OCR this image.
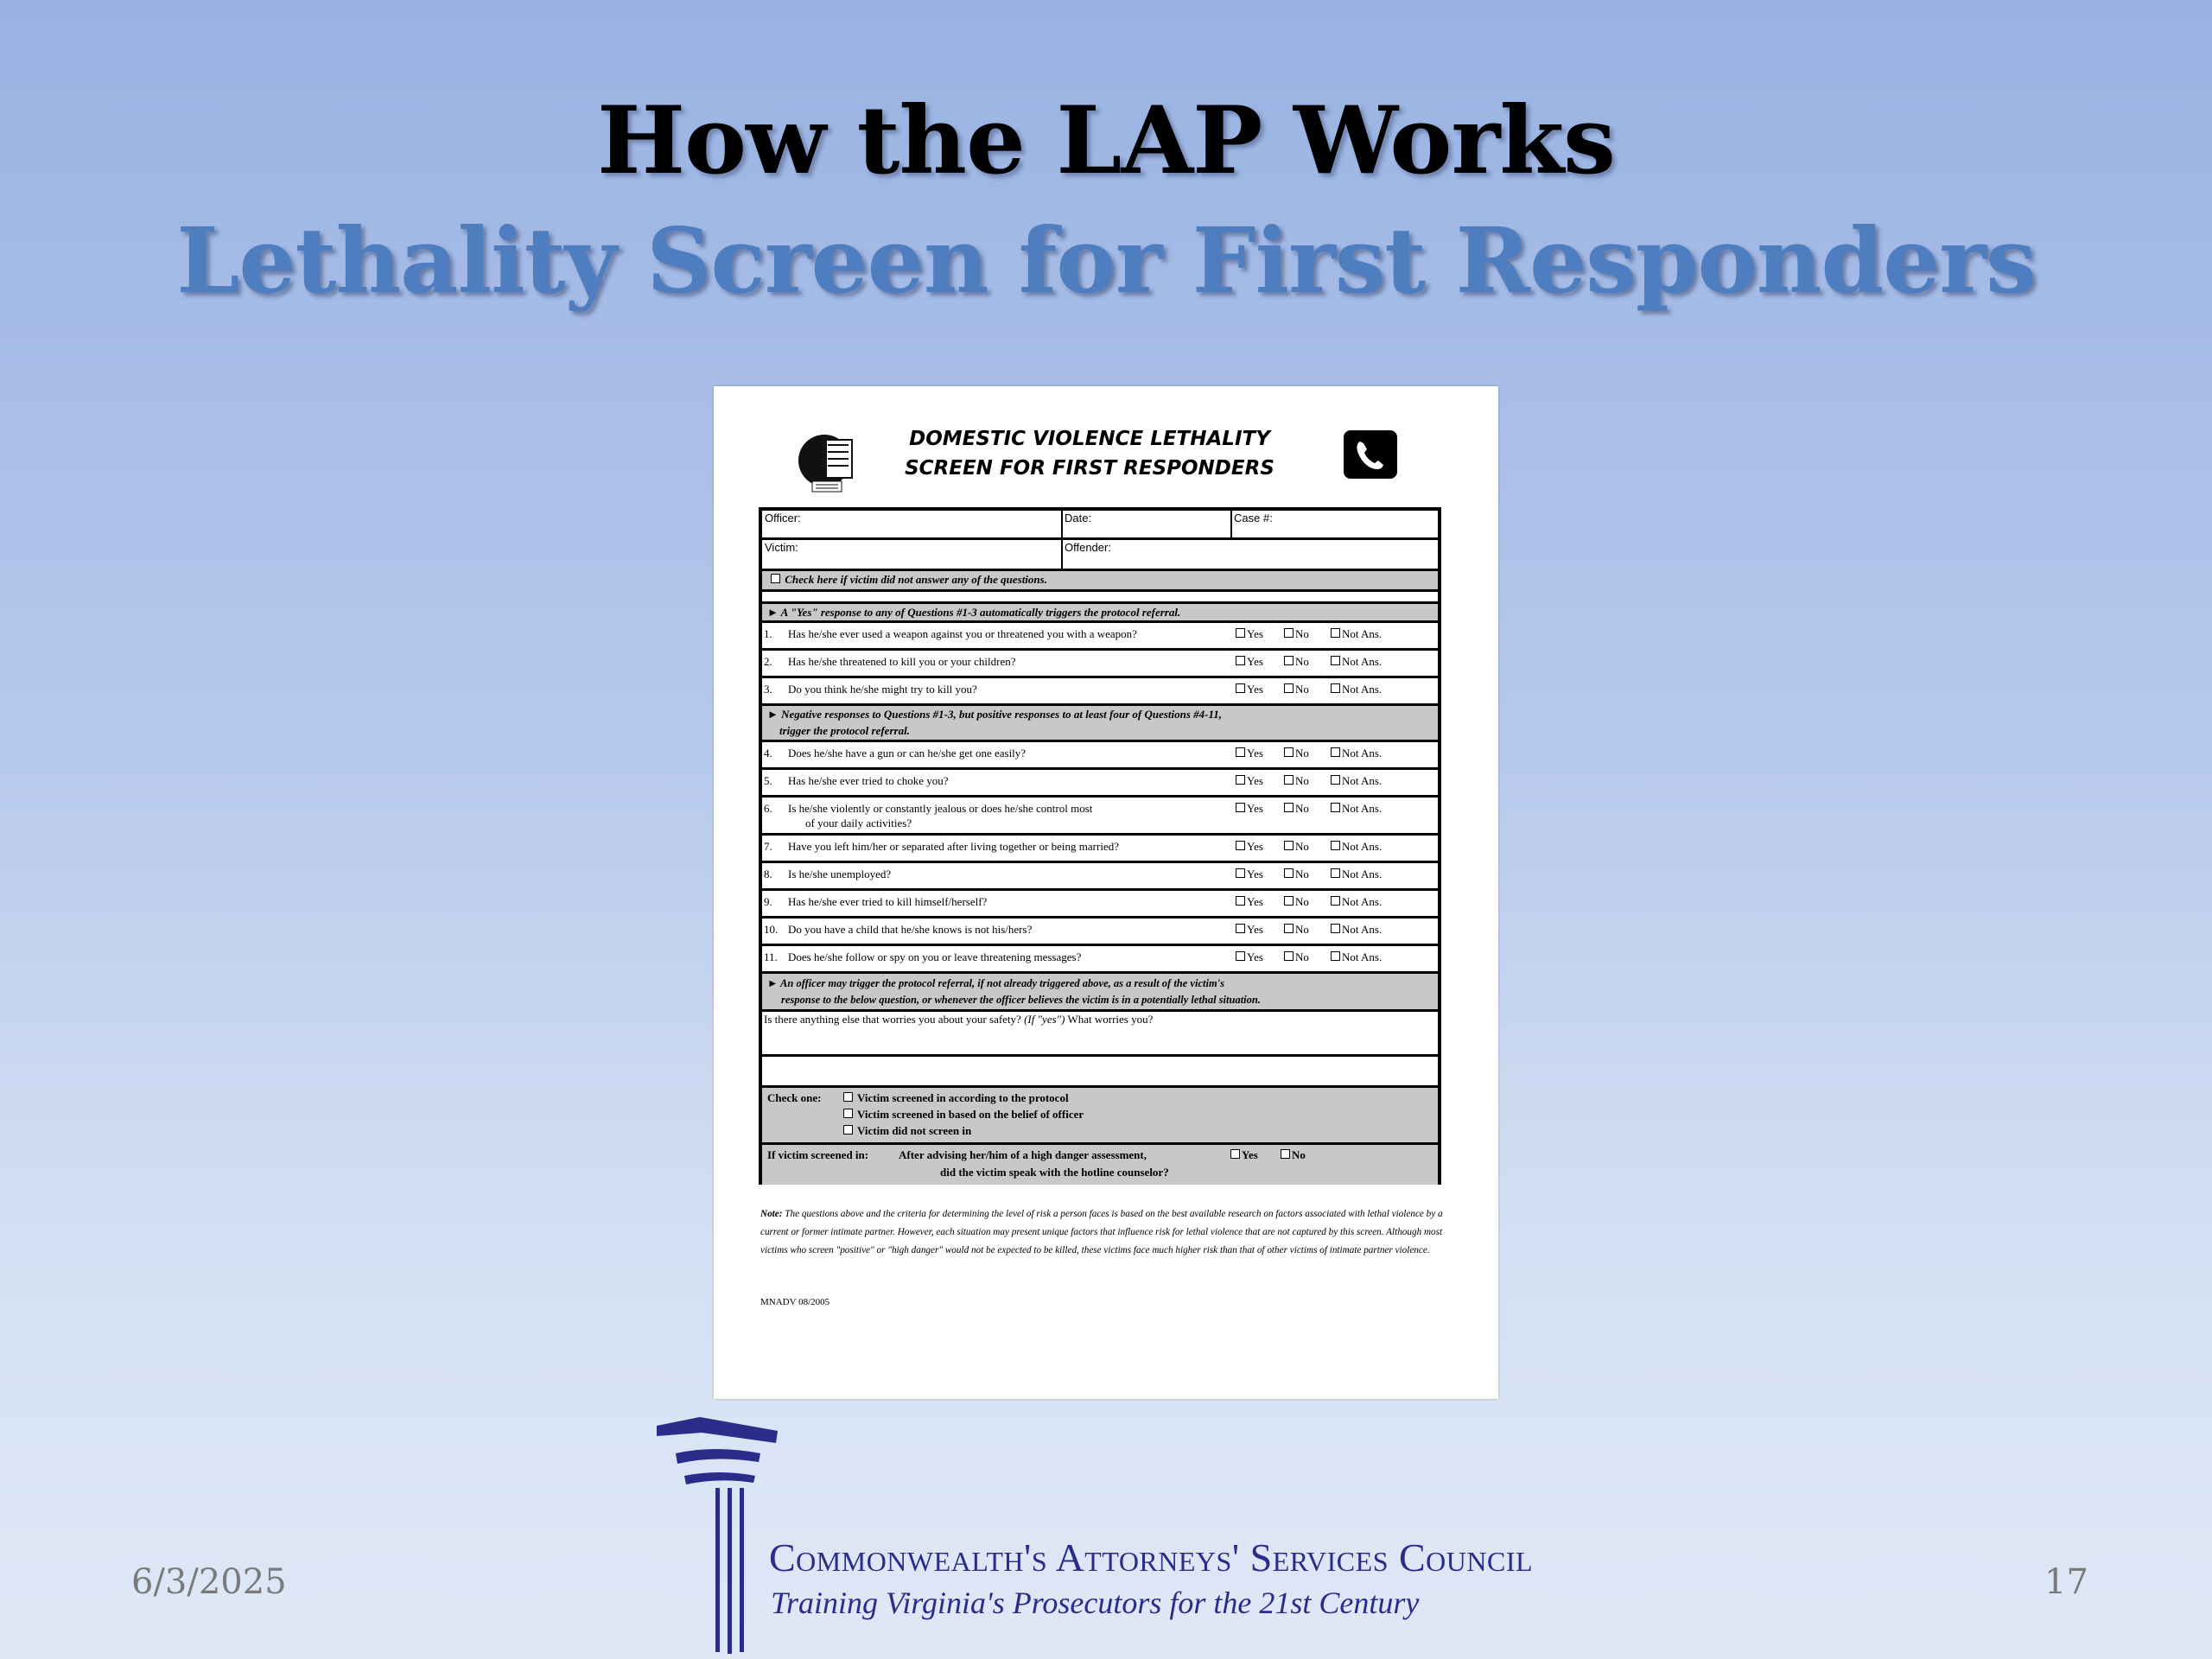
How the LAP Works
Lethality Screen for First Responders
DOMESTIC VIOLENCE LETHALITY
SCREEN FOR FIRST RESPONDERS
Officer:	Date:	Case #:
Victim:	Offender:
Check here if victim did not answer any of the questions.
► A "Yes" response to any of Questions #1-3 automatically triggers the protocol referral.
► Negative responses to Questions #1-3, but positive responses to at least four of Questions #4-11,
trigger the protocol referral.
► An officer may trigger the protocol referral, if not already triggered above, as a result of the victim's
response to the below question, or whenever the officer believes the victim is in a potentially lethal situation.
Is there anything else that worries you about your safety? (If "yes") What worries you?
Check one:	Victim screened in according to the protocol
Victim screened in based on the belief of officer
Victim did not screen in
If victim screened in:	After advising her/him of a high danger assessment,
did the victim speak with the hotline counselor?
Yes	No
1. Has he/she ever used a weapon against you or threatened you with a weapon?	Yes	No	Not Ans.
2. Has he/she threatened to kill you or your children?	Yes	No	Not Ans.
3. Do you think he/she might try to kill you?	Yes	No	Not Ans.
4. Does he/she have a gun or can he/she get one easily?	Yes	No	Not Ans.
5. Has he/she ever tried to choke you?	Yes	No	Not Ans.
6. Is he/she violently or constantly jealous or does he/she control most
of your daily activities?
Yes	No	Not Ans.
7. Have you left him/her or separated after living together or being married?	Yes	No	Not Ans.
8. Is he/she unemployed?	Yes	No	Not Ans.
9. Has he/she ever tried to kill himself/herself?	Yes	No	Not Ans.
10. Do you have a child that he/she knows is not his/hers?	Yes	No	Not Ans.
11. Does he/she follow or spy on you or leave threatening messages?	Yes	No	Not Ans.
Note: The questions above and the criteria for determining the level of risk a person faces is based on the best available research on factors associated with lethal violence by a current or former intimate partner. However, each situation may present unique factors that influence risk for lethal violence that are not captured by this screen. Although most victims who screen "positive" or "high danger" would not be expected to be killed, these victims face much higher risk than that of other victims of intimate partner violence.
MNADV 08/2005
6/3/2025	17
Commonwealth's Attorneys' Services Council
Training Virginia's Prosecutors for the 21st Century
